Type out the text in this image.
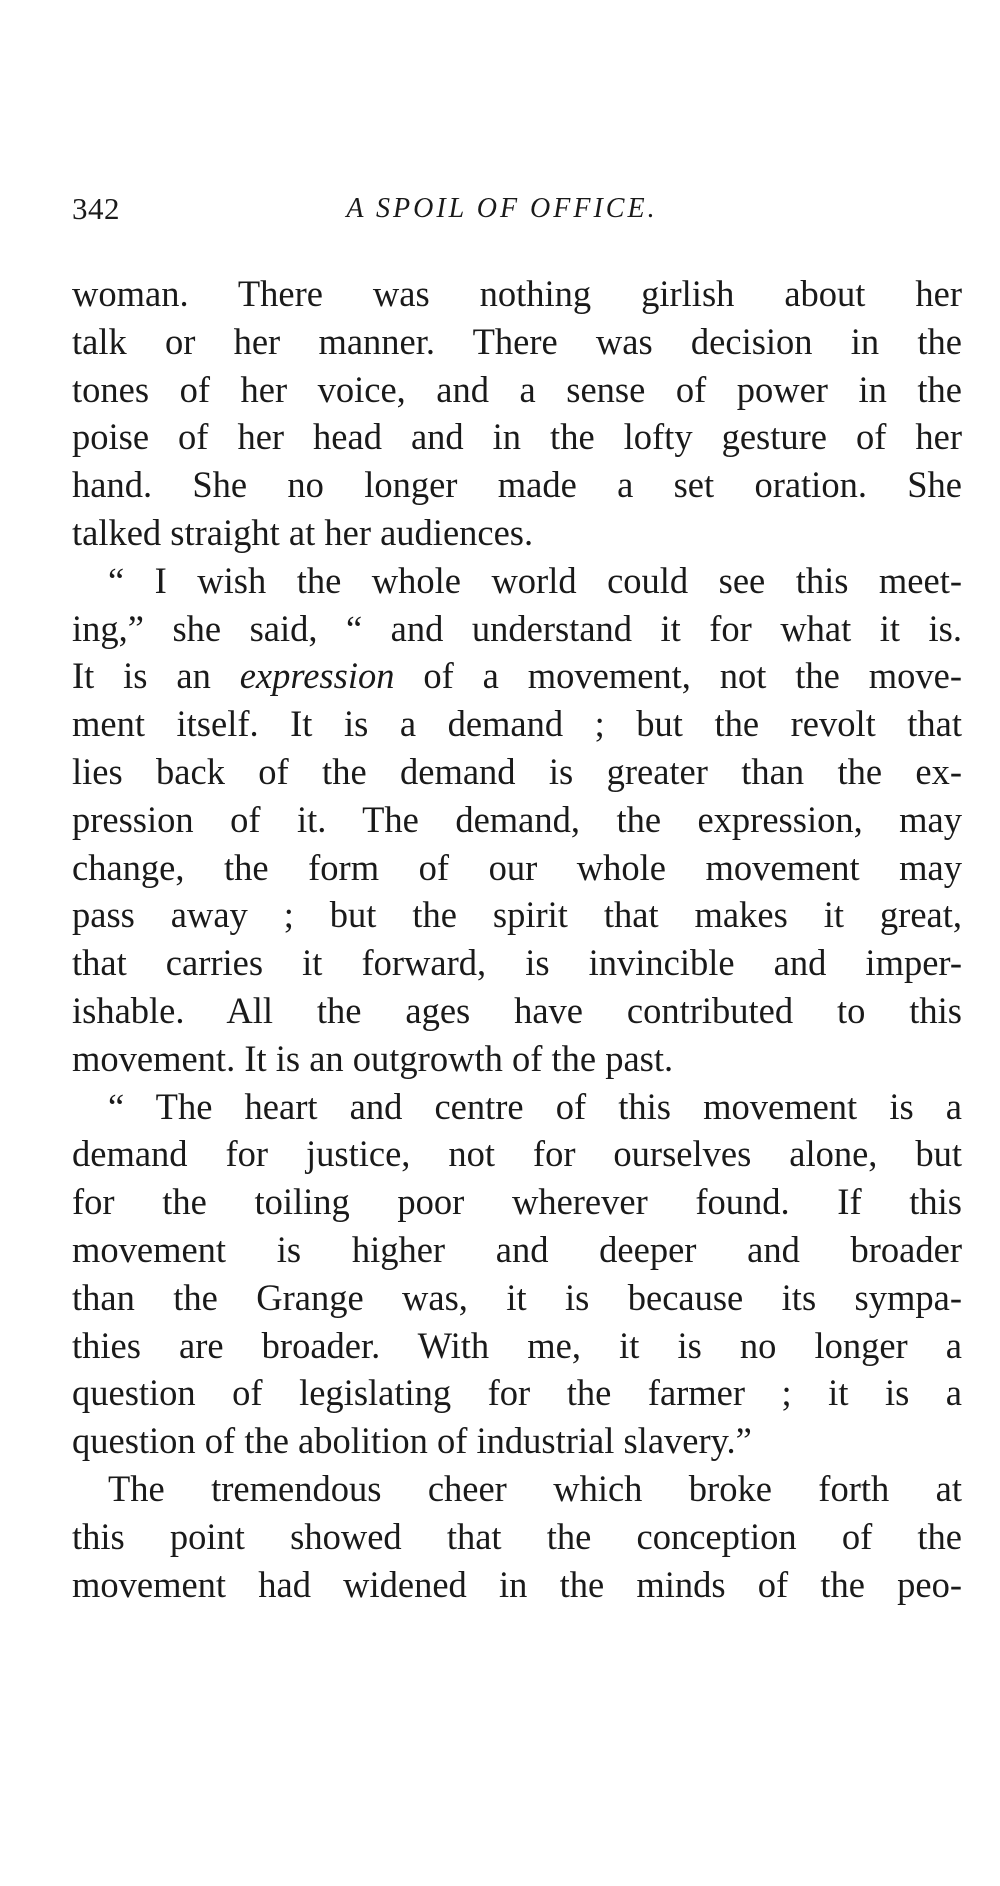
342	A SPOIL OF OFFICE.
woman. There was nothing girlish about her
talk or her manner. There was decision in the
tones of her voice, and a sense of power in the
poise of her head and in the lofty gesture of her
hand. She no longer made a set oration. She
talked straight at her audiences.
“ I wish the whole world could see this meet-
ing,” she said, “ and understand it for what it is.
It is an expression of a movement, not the move-
ment itself. It is a demand ; but the revolt that
lies back of the demand is greater than the ex-
pression of it. The demand, the expression, may
change, the form of our whole movement may
pass away ; but the spirit that makes it great,
that carries it forward, is invincible and imper-
ishable. All the ages have contributed to this
movement. It is an outgrowth of the past.
“ The heart and centre of this movement is a
demand for justice, not for ourselves alone, but
for the toiling poor wherever found. If this
movement is higher and deeper and broader
than the Grange was, it is because its sympa-
thies are broader. With me, it is no longer a
question of legislating for the farmer ; it is a
question of the abolition of industrial slavery.”
The tremendous cheer which broke forth at
this point showed that the conception of the
movement had widened in the minds of the peo-
